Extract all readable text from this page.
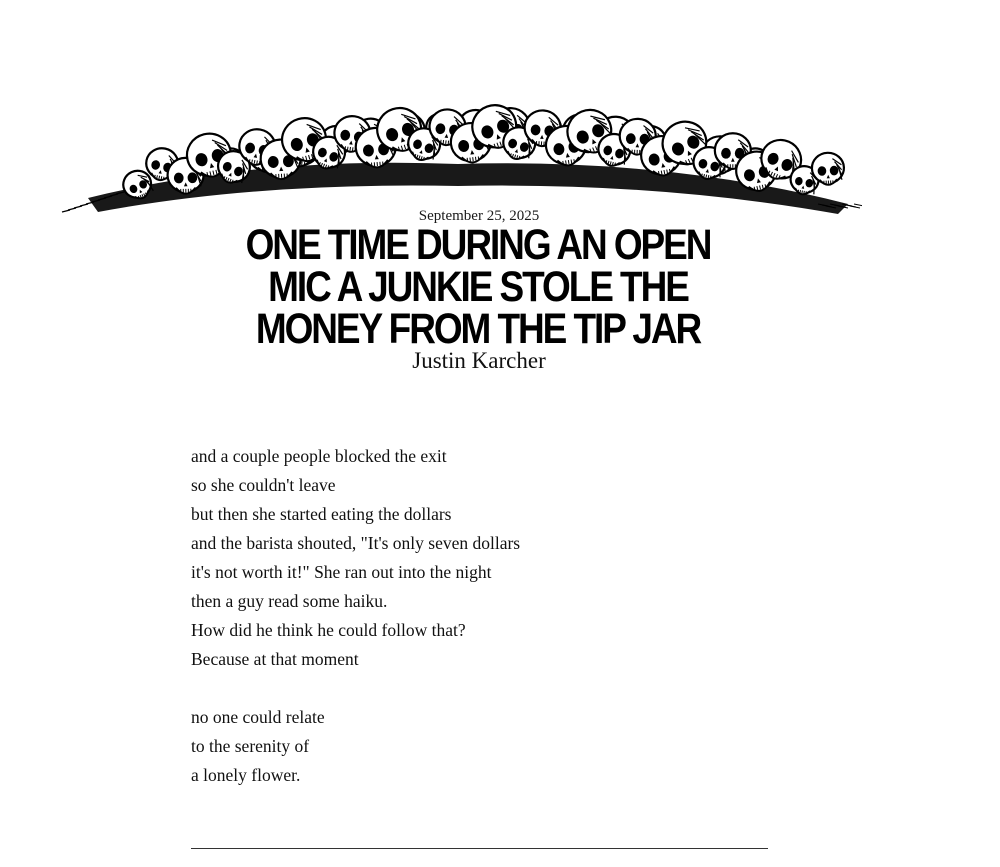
September 25, 2025
ONE TIME DURING AN OPEN MIC A JUNKIE STOLE THE MONEY FROM THE TIP JAR
Justin Karcher
and a couple people blocked the exit
so she couldn't leave
but then she started eating the dollars
and the barista shouted, "It's only seven dollars
it's not worth it!" She ran out into the night
then a guy read some haiku.
How did he think he could follow that?
Because at that moment
no one could relate
to the serenity of
a lonely flower.
